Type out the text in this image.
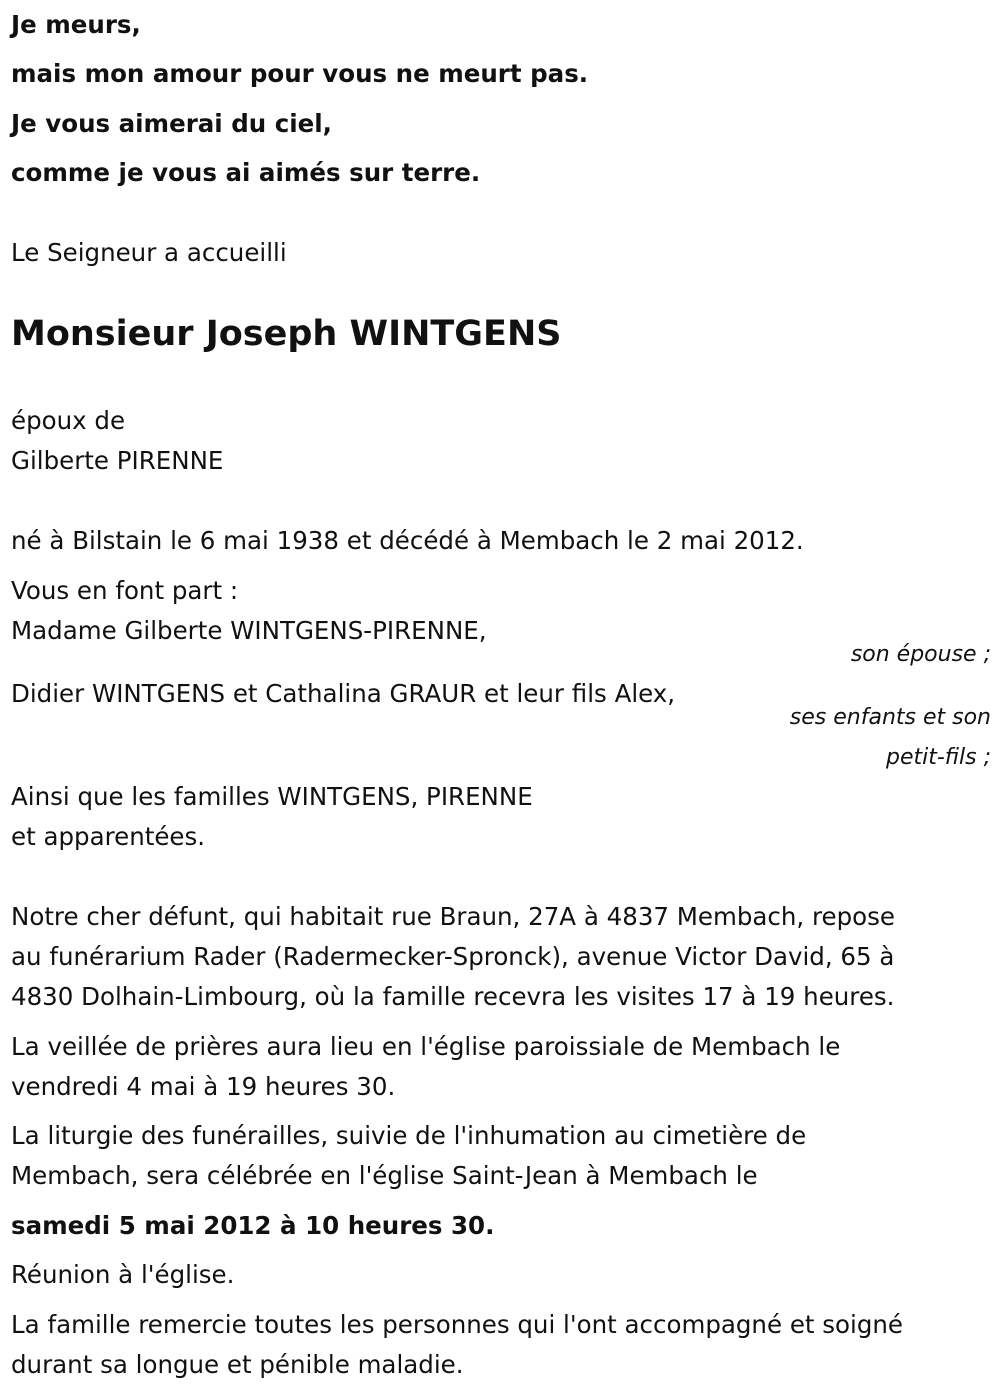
Je meurs,
mais mon amour pour vous ne meurt pas.
Je vous aimerai du ciel,
comme je vous ai aimés sur terre.
Le Seigneur a accueilli
Monsieur Joseph WINTGENS
époux de
Gilberte PIRENNE
né à Bilstain le 6 mai 1938 et décédé à Membach le 2 mai 2012.
Vous en font part :
Madame Gilberte WINTGENS-PIRENNE,
son épouse ;
Didier WINTGENS et Cathalina GRAUR et leur fils Alex,
ses enfants et son
petit-fils ;
Ainsi que les familles WINTGENS, PIRENNE
et apparentées.
Notre cher défunt, qui habitait rue Braun, 27A à 4837 Membach, repose
au funérarium Rader (Radermecker-Spronck), avenue Victor David, 65 à
4830 Dolhain-Limbourg, où la famille recevra les visites 17 à 19 heures.
La veillée de prières aura lieu en l'église paroissiale de Membach le
vendredi 4 mai à 19 heures 30.
La liturgie des funérailles, suivie de l'inhumation au cimetière de
Membach, sera célébrée en l'église Saint-Jean à Membach le
samedi 5 mai 2012 à 10 heures 30.
Réunion à l'église.
La famille remercie toutes les personnes qui l'ont accompagné et soigné
durant sa longue et pénible maladie.
